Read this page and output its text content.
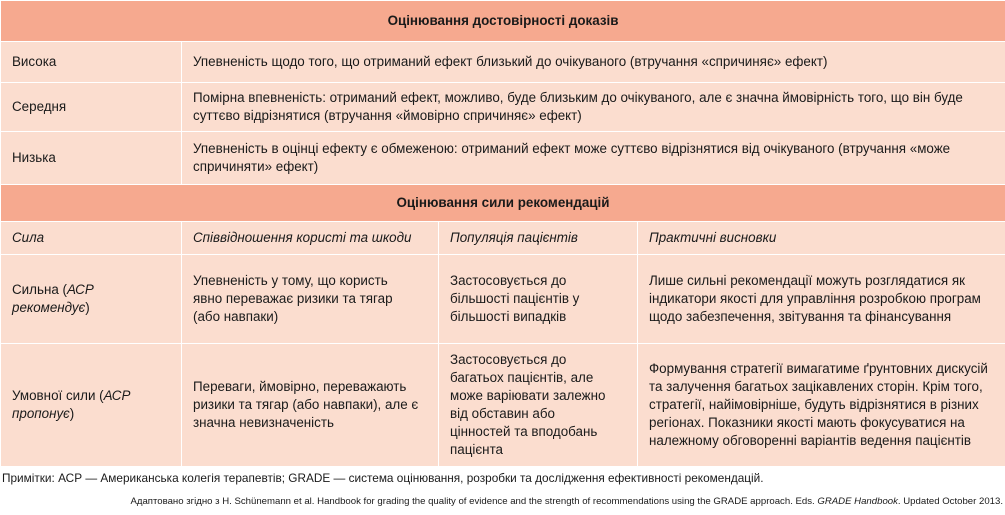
Оцінювання достовірності доказів			
Висока	Упевненість щодо того, що отриманий ефект близький до очікуваного (втручання «спричиняє» ефект)		
Середня	Помірна впевненість: отриманий ефект, можливо, буде близьким до очікуваного, але є значна ймовірність того, що він буде суттєво відрізнятися (втручання «ймовірно спричиняє» ефект)		
Низька	Упевненість в оцінці ефекту є обмеженою: отриманий ефект може суттєво відрізнятися від очікуваного (втручання «може спричиняти» ефект)		
Оцінювання сили рекомендацій			
Сила	Співвідношення користі та шкоди	Популяція пацієнтів	Практичні висновки
Сильна (АСР рекомендує)	Упевненість у тому, що користь явно переважає ризики та тягар (або навпаки)	Застосовується до більшості пацієнтів у більшості випадків	Лише сильні рекомендації можуть розглядатися як індикатори якості для управління розробкою програм щодо забезпечення, звітування та фінансування
Умовної сили (АСР пропонує)	Переваги, ймовірно, переважають ризики та тягар (або навпаки), але є значна невизначеність	Застосовується до багатьох пацієнтів, але може варіювати залежно від обставин або цінностей та вподобань пацієнта	Формування стратегії вимагатиме ґрунтовних дискусій та залучення багатьох зацікавлених сторін. Крім того, стратегії, найімовірніше, будуть відрізнятися в різних регіонах. Показники якості мають фокусуватися на належному обговоренні варіантів ведення пацієнтів
Примітки: АСР — Американська колегія терапевтів; GRADE — система оцінювання, розробки та дослідження ефективності рекомендацій.
Адаптовано згідно з H. Schünemann et al. Handbook for grading the quality of evidence and the strength of recommendations using the GRADE approach. Eds. GRADE Handbook. Updated October 2013.
